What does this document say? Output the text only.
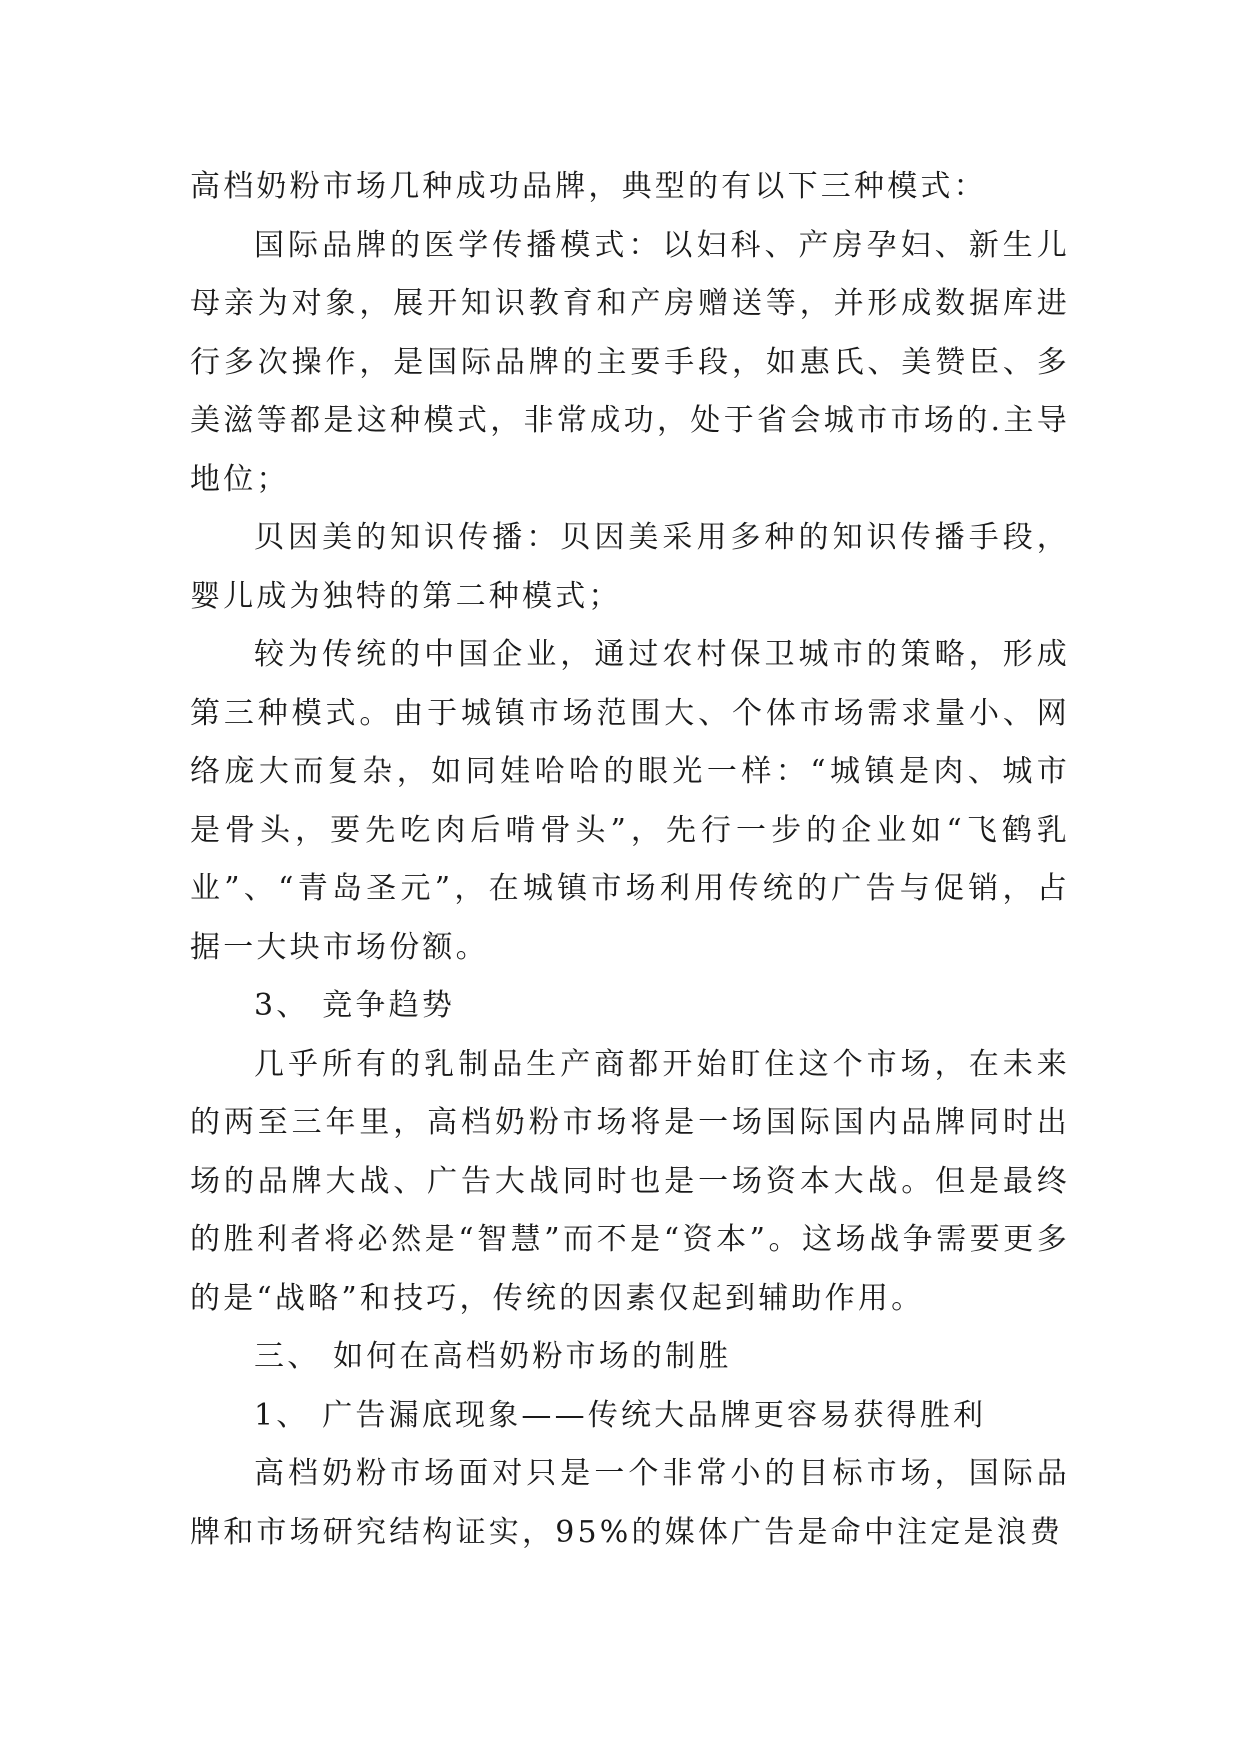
高档奶粉市场几种成功品牌，典型的有以下三种模式：

国际品牌的医学传播模式：以妇科、产房孕妇、新生儿母亲为对象，展开知识教育和产房赠送等，并形成数据库进行多次操作，是国际品牌的主要手段，如惠氏、美赞臣、多美滋等都是这种模式，非常成功，处于省会城市市场的.主导地位；

贝因美的知识传播：贝因美采用多种的知识传播手段，婴儿成为独特的第二种模式；

较为传统的中国企业，通过农村保卫城市的策略，形成第三种模式。由于城镇市场范围大、个体市场需求量小、网络庞大而复杂，如同娃哈哈的眼光一样：“城镇是肉、城市是骨头，要先吃肉后啃骨头”，先行一步的企业如“飞鹤乳业”、“青岛圣元”，在城镇市场利用传统的广告与促销，占据一大块市场份额。

3、 竞争趋势

几乎所有的乳制品生产商都开始盯住这个市场，在未来的两至三年里，高档奶粉市场将是一场国际国内品牌同时出场的品牌大战、广告大战同时也是一场资本大战。但是最终的胜利者将必然是“智慧”而不是“资本”。这场战争需要更多的是“战略”和技巧，传统的因素仅起到辅助作用。

三、 如何在高档奶粉市场的制胜

1、 广告漏底现象——传统大品牌更容易获得胜利

高档奶粉市场面对只是一个非常小的目标市场，国际品牌和市场研究结构证实，95%的媒体广告是命中注定是浪费
